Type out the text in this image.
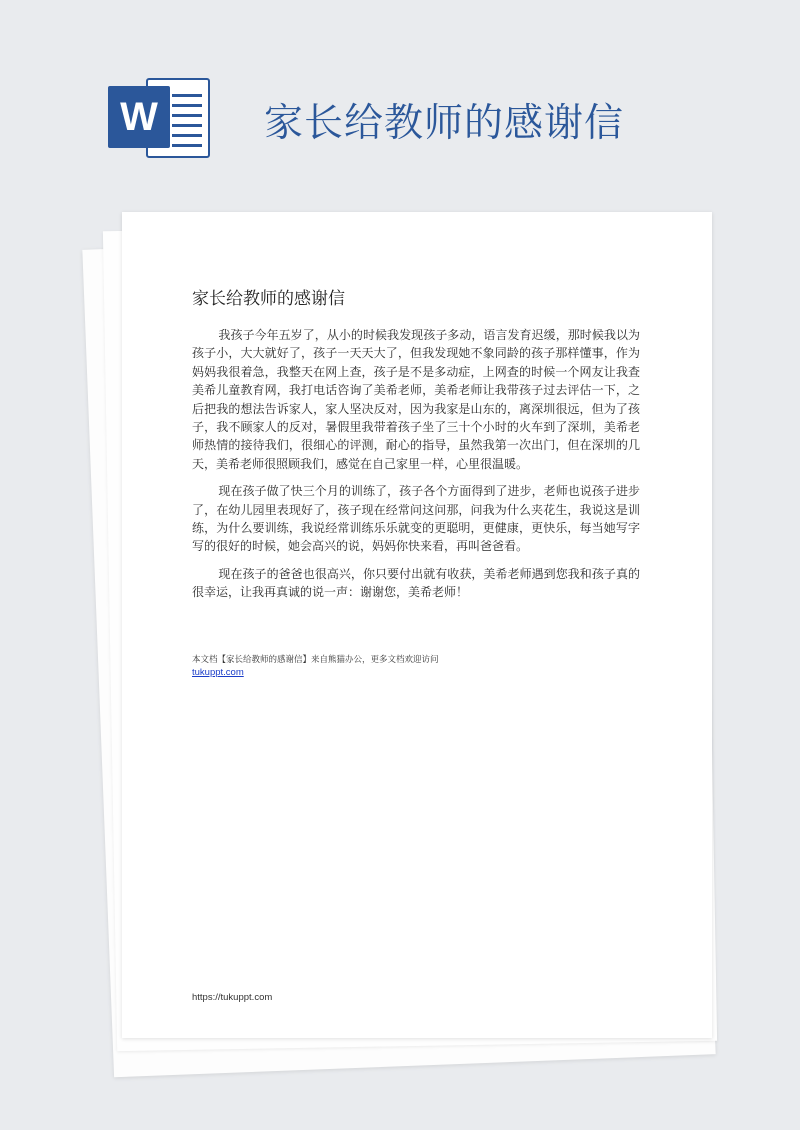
W	家长给教师的感谢信
家长给教师的感谢信

我孩子今年五岁了，从小的时候我发现孩子多动，语言发育迟缓，那时候我以为孩子小，大大就好了，孩子一天天大了，但我发现她不象同龄的孩子那样懂事，作为妈妈我很着急，我整天在网上查，孩子是不是多动症，上网查的时候一个网友让我查美希儿童教育网，我打电话咨询了美希老师，美希老师让我带孩子过去评估一下，之后把我的想法告诉家人，家人坚决反对，因为我家是山东的，离深圳很远，但为了孩子，我不顾家人的反对，暑假里我带着孩子坐了三十个小时的火车到了深圳，美希老师热情的接待我们，很细心的评测，耐心的指导，虽然我第一次出门，但在深圳的几天，美希老师很照顾我们，感觉在自己家里一样，心里很温暖。

现在孩子做了快三个月的训练了，孩子各个方面得到了进步，老师也说孩子进步了，在幼儿园里表现好了，孩子现在经常问这问那，问我为什么夹花生，我说这是训练，为什么要训练，我说经常训练乐乐就变的更聪明，更健康，更快乐，每当她写字写的很好的时候，她会高兴的说，妈妈你快来看，再叫爸爸看。

现在孩子的爸爸也很高兴，你只要付出就有收获，美希老师遇到您我和孩子真的很幸运，让我再真诚的说一声：谢谢您，美希老师！

本文档【家长给教师的感谢信】来自熊猫办公，更多文档欢迎访问
tukuppt.com
https://tukuppt.com
